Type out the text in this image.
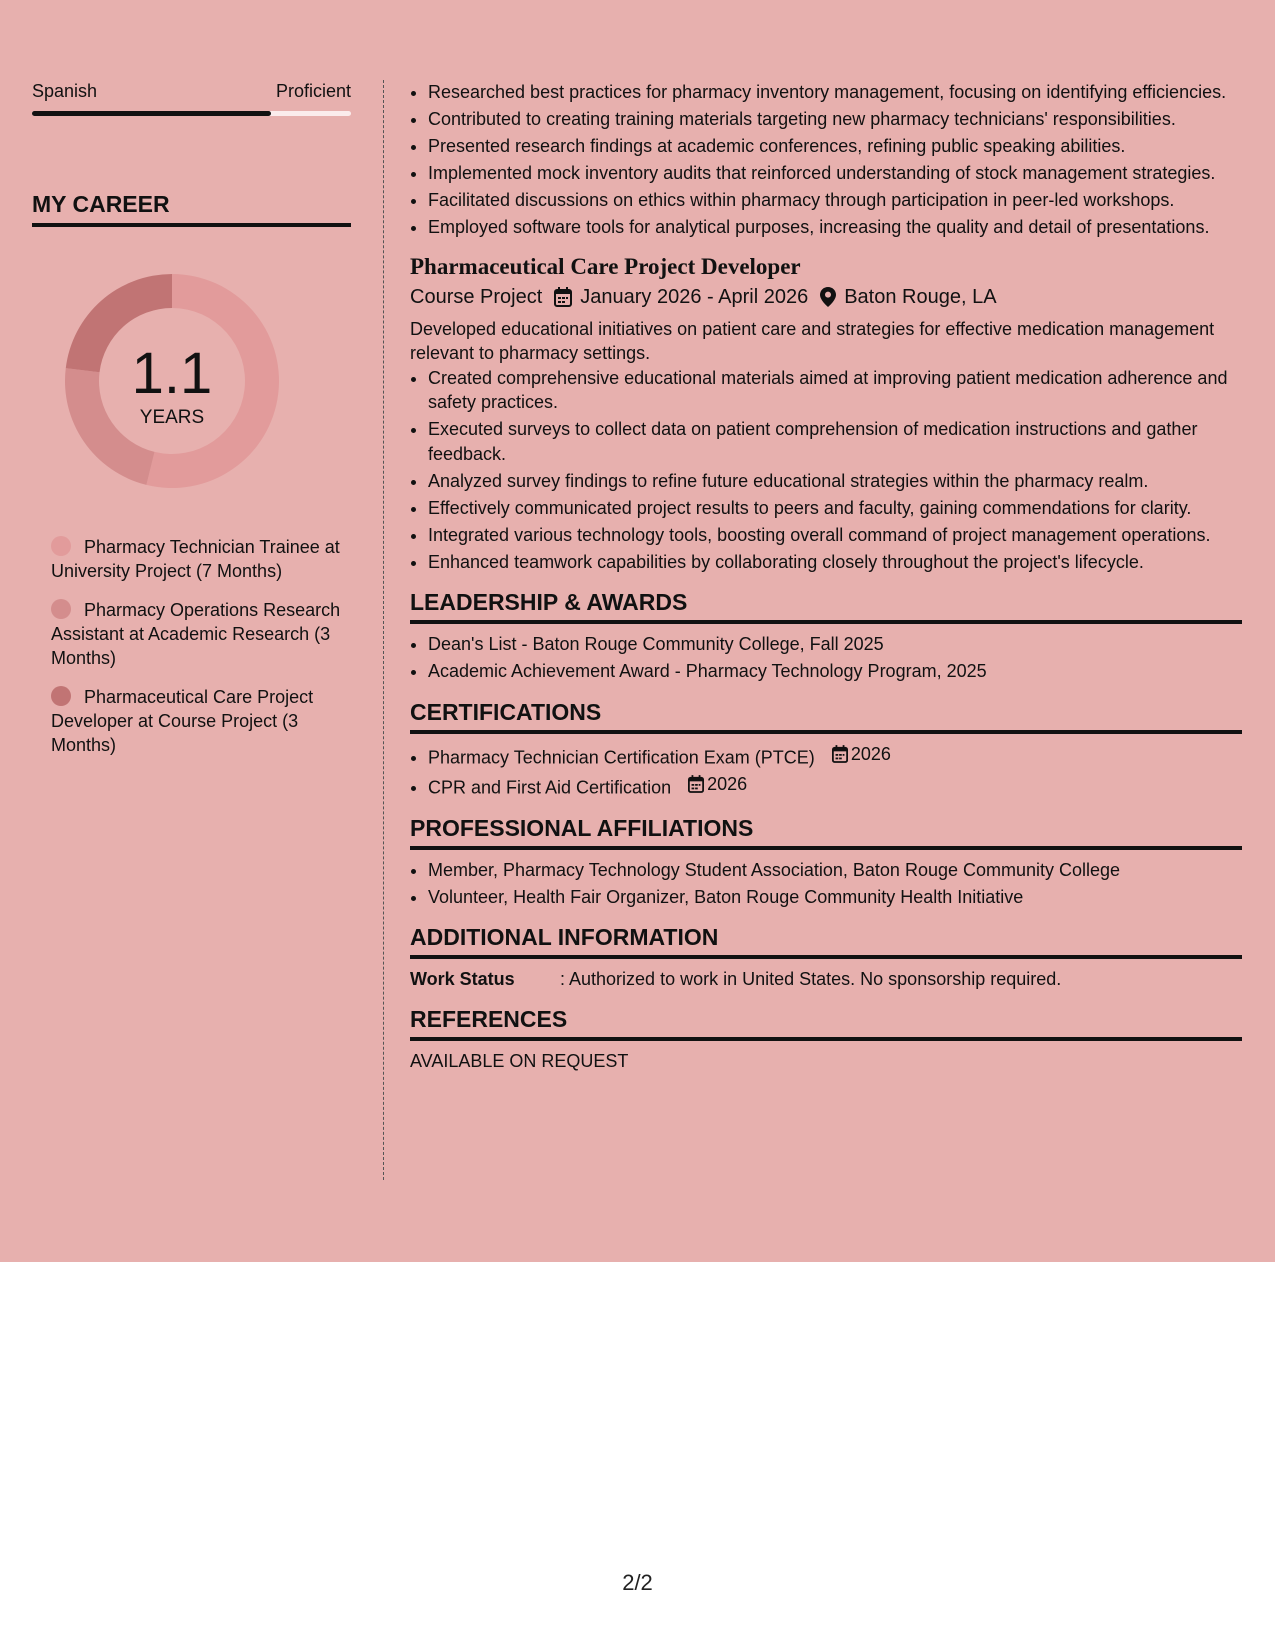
Spanish	Proficient
MY CAREER
1.1
YEARS
Pharmacy Technician Trainee at University Project (7 Months)
Pharmacy Operations Research Assistant at Academic Research (3 Months)
Pharmaceutical Care Project Developer at Course Project (3 Months)
• Researched best practices for pharmacy inventory management, focusing on identifying efficiencies.
• Contributed to creating training materials targeting new pharmacy technicians' responsibilities.
• Presented research findings at academic conferences, refining public speaking abilities.
• Implemented mock inventory audits that reinforced understanding of stock management strategies.
• Facilitated discussions on ethics within pharmacy through participation in peer-led workshops.
• Employed software tools for analytical purposes, increasing the quality and detail of presentations.
Pharmaceutical Care Project Developer
Course Project January 2026 - April 2026 Baton Rouge, LA
Developed educational initiatives on patient care and strategies for effective medication management relevant to pharmacy settings.
• Created comprehensive educational materials aimed at improving patient medication adherence and safety practices.
• Executed surveys to collect data on patient comprehension of medication instructions and gather feedback.
• Analyzed survey findings to refine future educational strategies within the pharmacy realm.
• Effectively communicated project results to peers and faculty, gaining commendations for clarity.
• Integrated various technology tools, boosting overall command of project management operations.
• Enhanced teamwork capabilities by collaborating closely throughout the project's lifecycle.
LEADERSHIP & AWARDS
• Dean's List - Baton Rouge Community College, Fall 2025
• Academic Achievement Award - Pharmacy Technology Program, 2025
CERTIFICATIONS
• Pharmacy Technician Certification Exam (PTCE) 2026
• CPR and First Aid Certification 2026
PROFESSIONAL AFFILIATIONS
• Member, Pharmacy Technology Student Association, Baton Rouge Community College
• Volunteer, Health Fair Organizer, Baton Rouge Community Health Initiative
ADDITIONAL INFORMATION
Work Status	: Authorized to work in United States. No sponsorship required.
REFERENCES
AVAILABLE ON REQUEST
2/2
